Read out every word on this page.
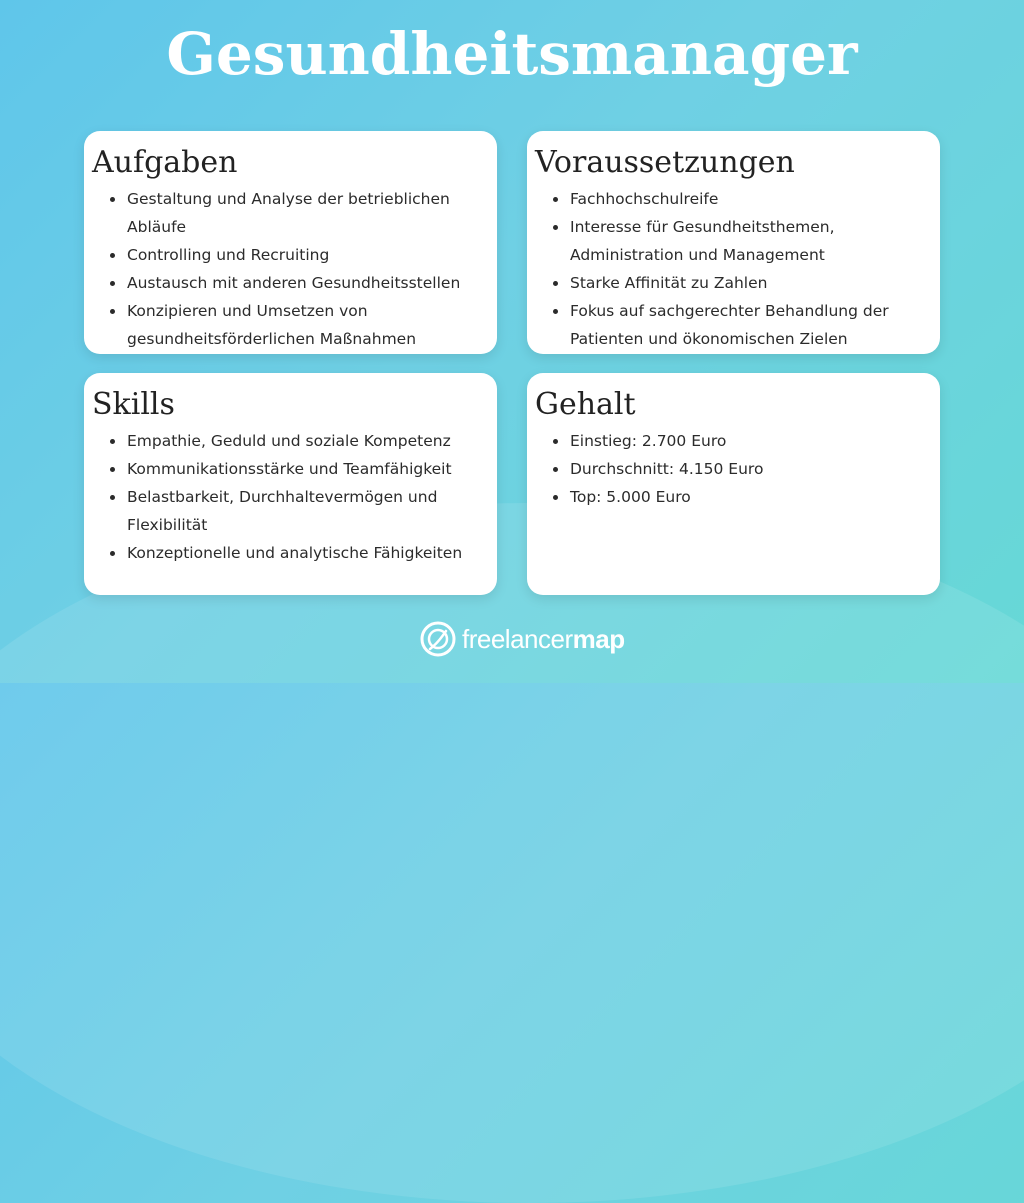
Gesundheitsmanager
Aufgaben
Gestaltung und Analyse der betrieblichen Abläufe
Controlling und Recruiting
Austausch mit anderen Gesundheitsstellen
Konzipieren und Umsetzen von gesundheitsförderlichen Maßnahmen
Voraussetzungen
Fachhochschulreife
Interesse für Gesundheitsthemen, Administration und Management
Starke Affinität zu Zahlen
Fokus auf sachgerechter Behandlung der Patienten und ökonomischen Zielen
Skills
Empathie, Geduld und soziale Kompetenz
Kommunikationsstärke und Teamfähigkeit
Belastbarkeit, Durchhaltevermögen und Flexibilität
Konzeptionelle und analytische Fähigkeiten
Gehalt
Einstieg: 2.700 Euro
Durchschnitt: 4.150 Euro
Top: 5.000 Euro
freelancermap
